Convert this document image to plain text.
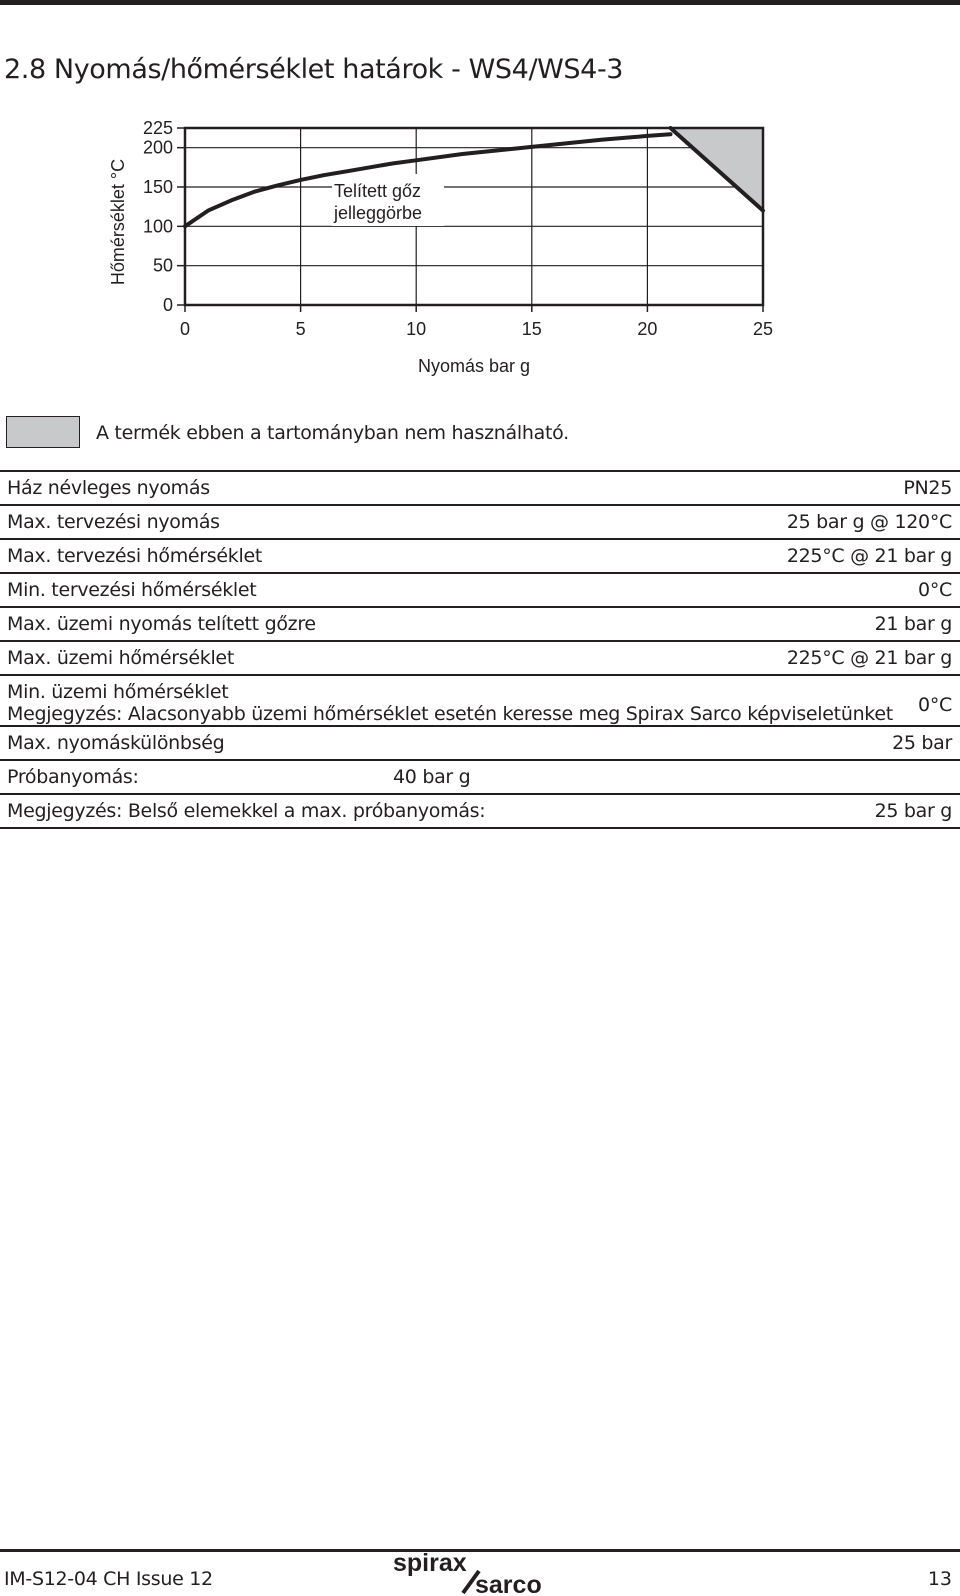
2.8 Nyomás/hőmérséklet határok - WS4/WS4-3
0	5	10	15	20	25
0
50
100
150
200
225
Telített gőz
jelleggörbe
Nyomás bar g
Hőmérséklet °C
A termék ebben a tartományban nem használható.
Ház névleges nyomás	PN25
Max. tervezési nyomás	25 bar g @ 120°C
Max. tervezési hőmérséklet	225°C @ 21 bar g
Min. tervezési hőmérséklet	0°C
Max. üzemi nyomás telített gőzre	21 bar g
Max. üzemi hőmérséklet	225°C @ 21 bar g
Min. üzemi hőmérséklet
Megjegyzés: Alacsonyabb üzemi hőmérséklet esetén keresse meg Spirax Sarco képviseletünket 0°C
Max. nyomáskülönbség	25 bar
Próbanyomás:	40 bar g
Megjegyzés: Belső elemekkel a max. próbanyomás:	25 bar g
IM-S12-04 CH Issue 12
spirax
sarco	13
